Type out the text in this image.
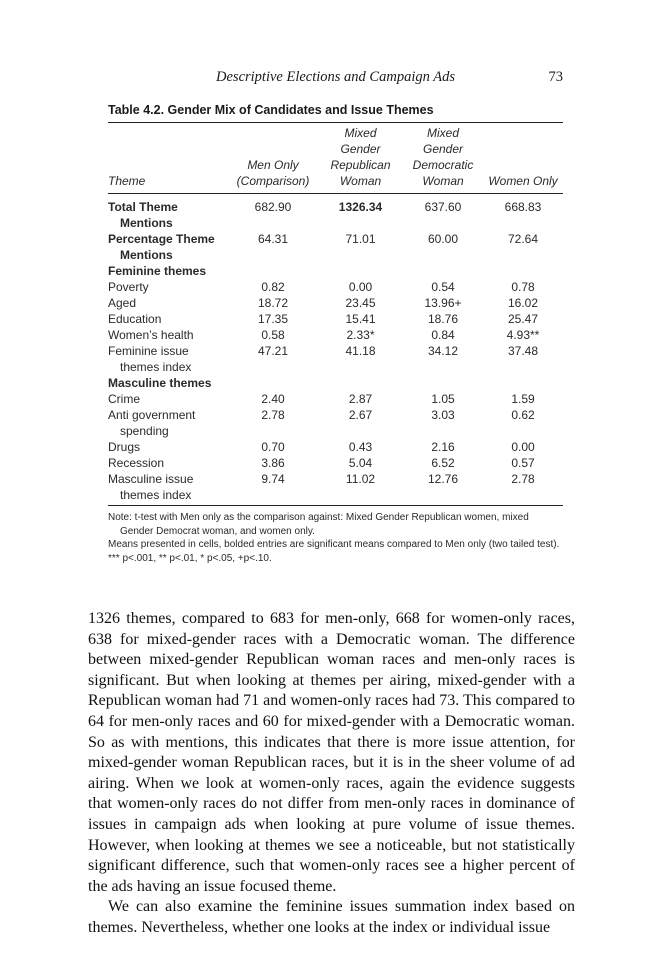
Descriptive Elections and Campaign Ads	73
Table 4.2. Gender Mix of Candidates and Issue Themes
		Mixed	Mixed	
		Gender	Gender	
	Men Only	Republican	Democratic	
Theme	(Comparison)	Woman	Woman	Women Only
Total Theme
Mentions	682.90	1326.34	637.60	668.83
Percentage Theme
Mentions	64.31	71.01	60.00	72.64
Feminine themes				
Poverty	0.82	0.00	0.54	0.78
Aged	18.72	23.45	13.96+	16.02
Education	17.35	15.41	18.76	25.47
Women’s health	0.58	2.33*	0.84	4.93**
Feminine issue
themes index	47.21	41.18	34.12	37.48
Masculine themes				
Crime	2.40	2.87	1.05	1.59
Anti government
spending	2.78	2.67	3.03	0.62
Drugs	0.70	0.43	2.16	0.00
Recession	3.86	5.04	6.52	0.57
Masculine issue
themes index	9.74	11.02	12.76	2.78

Note: t-test with Men only as the comparison against: Mixed Gender Republican women, mixed
Gender Democrat woman, and women only.

Means presented in cells, bolded entries are significant means compared to Men only (two tailed test).

*** p<.001, ** p<.01, * p<.05, +p<.10.

1326 themes, compared to 683 for men-only, 668 for women-only races, 638 for mixed-gender races with a Democratic woman. The difference between mixed-gender Republican woman races and men-only races is significant. But when looking at themes per airing, mixed-gender with a Republican woman had 71 and women-only races had 73. This compared to 64 for men-only races and 60 for mixed-gender with a Democratic woman. So as with mentions, this indicates that there is more issue attention, for mixed-gender woman Republican races, but it is in the sheer volume of ad airing. When we look at women-only races, again the evidence suggests that women-only races do not differ from men-only races in dominance of issues in campaign ads when looking at pure volume of issue themes. However, when looking at themes we see a noticeable, but not statistically significant difference, such that women-only races see a higher percent of the ads having an issue focused theme.

We can also examine the feminine issues summation index based on themes. Nevertheless, whether one looks at the index or individual issue
